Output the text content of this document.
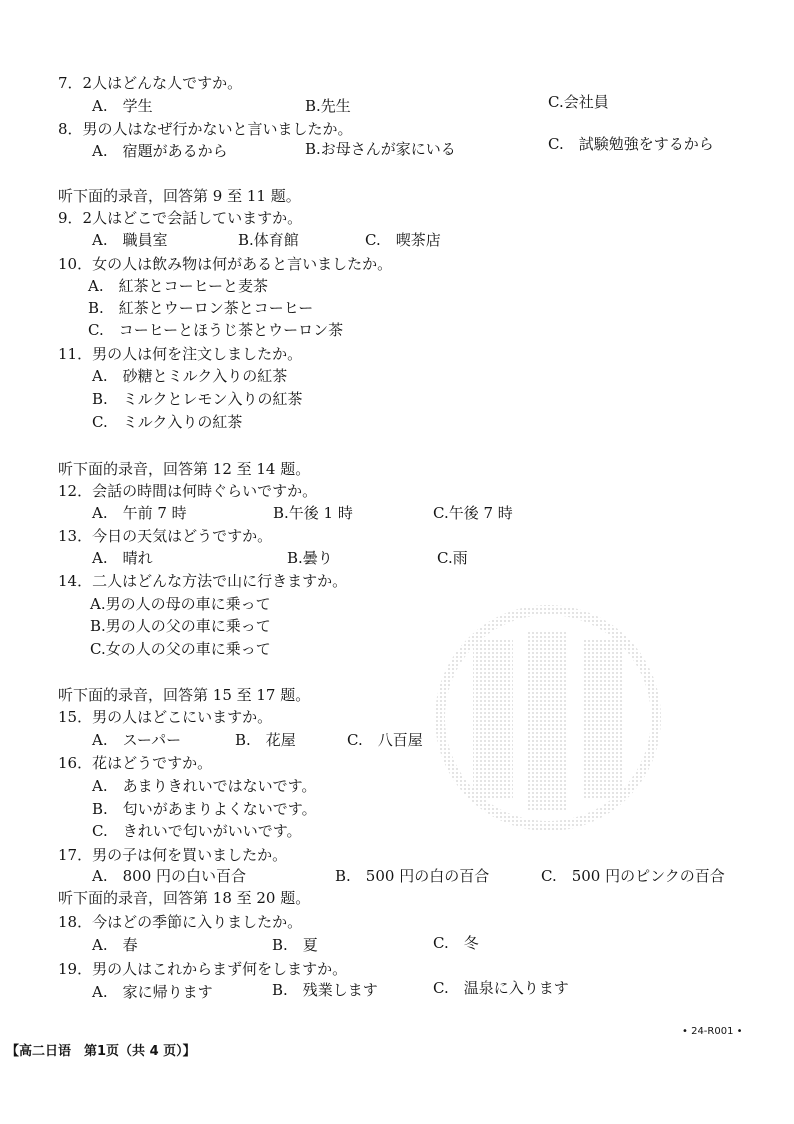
7．2人はどんな人ですか。
A.　学生	B.先生	C.会社員
8．男の人はなぜ行かないと言いましたか。
A.　宿題があるから	B.お母さんが家にいる	C.　試験勉強をするから
听下面的录音，回答第 9 至 11 题。
9．2人はどこで会話していますか。
A.　職員室	B.体育館	C.　喫茶店
10．女の人は飲み物は何があると言いましたか。
A.　紅茶とコーヒーと麦茶
B.　紅茶とウーロン茶とコーヒー
C.　コーヒーとほうじ茶とウーロン茶
11．男の人は何を注文しましたか。
A.　砂糖とミルク入りの紅茶
B.　ミルクとレモン入りの紅茶
C.　ミルク入りの紅茶
听下面的录音，回答第 12 至 14 题。
12．会話の時間は何時ぐらいですか。
A.　午前 7 時	B.午後 1 時	C.午後 7 時
13．今日の天気はどうですか。
A.　晴れ	B.曇り	C.雨
14．二人はどんな方法で山に行きますか。
A.男の人の母の車に乗って
B.男の人の父の車に乗って
C.女の人の父の車に乗って
听下面的录音，回答第 15 至 17 题。
15．男の人はどこにいますか。
A.　スーパー	B.　花屋	C.　八百屋
16．花はどうですか。
A.　あまりきれいではないです。
B.　匂いがあまりよくないです。
C.　きれいで匂いがいいです。
17．男の子は何を買いましたか。
A.　800 円の白い百合	B.　500 円の白の百合	C.　500 円のピンクの百合
听下面的录音，回答第 18 至 20 题。
18．今はどの季節に入りましたか。
A.　春	B.　夏	C.　冬
19．男の人はこれからまず何をしますか。
A.　家に帰ります	B.　残業します	C.　温泉に入ります
• 24-R001 •
【高二日语　第1页（共 4 页）】
